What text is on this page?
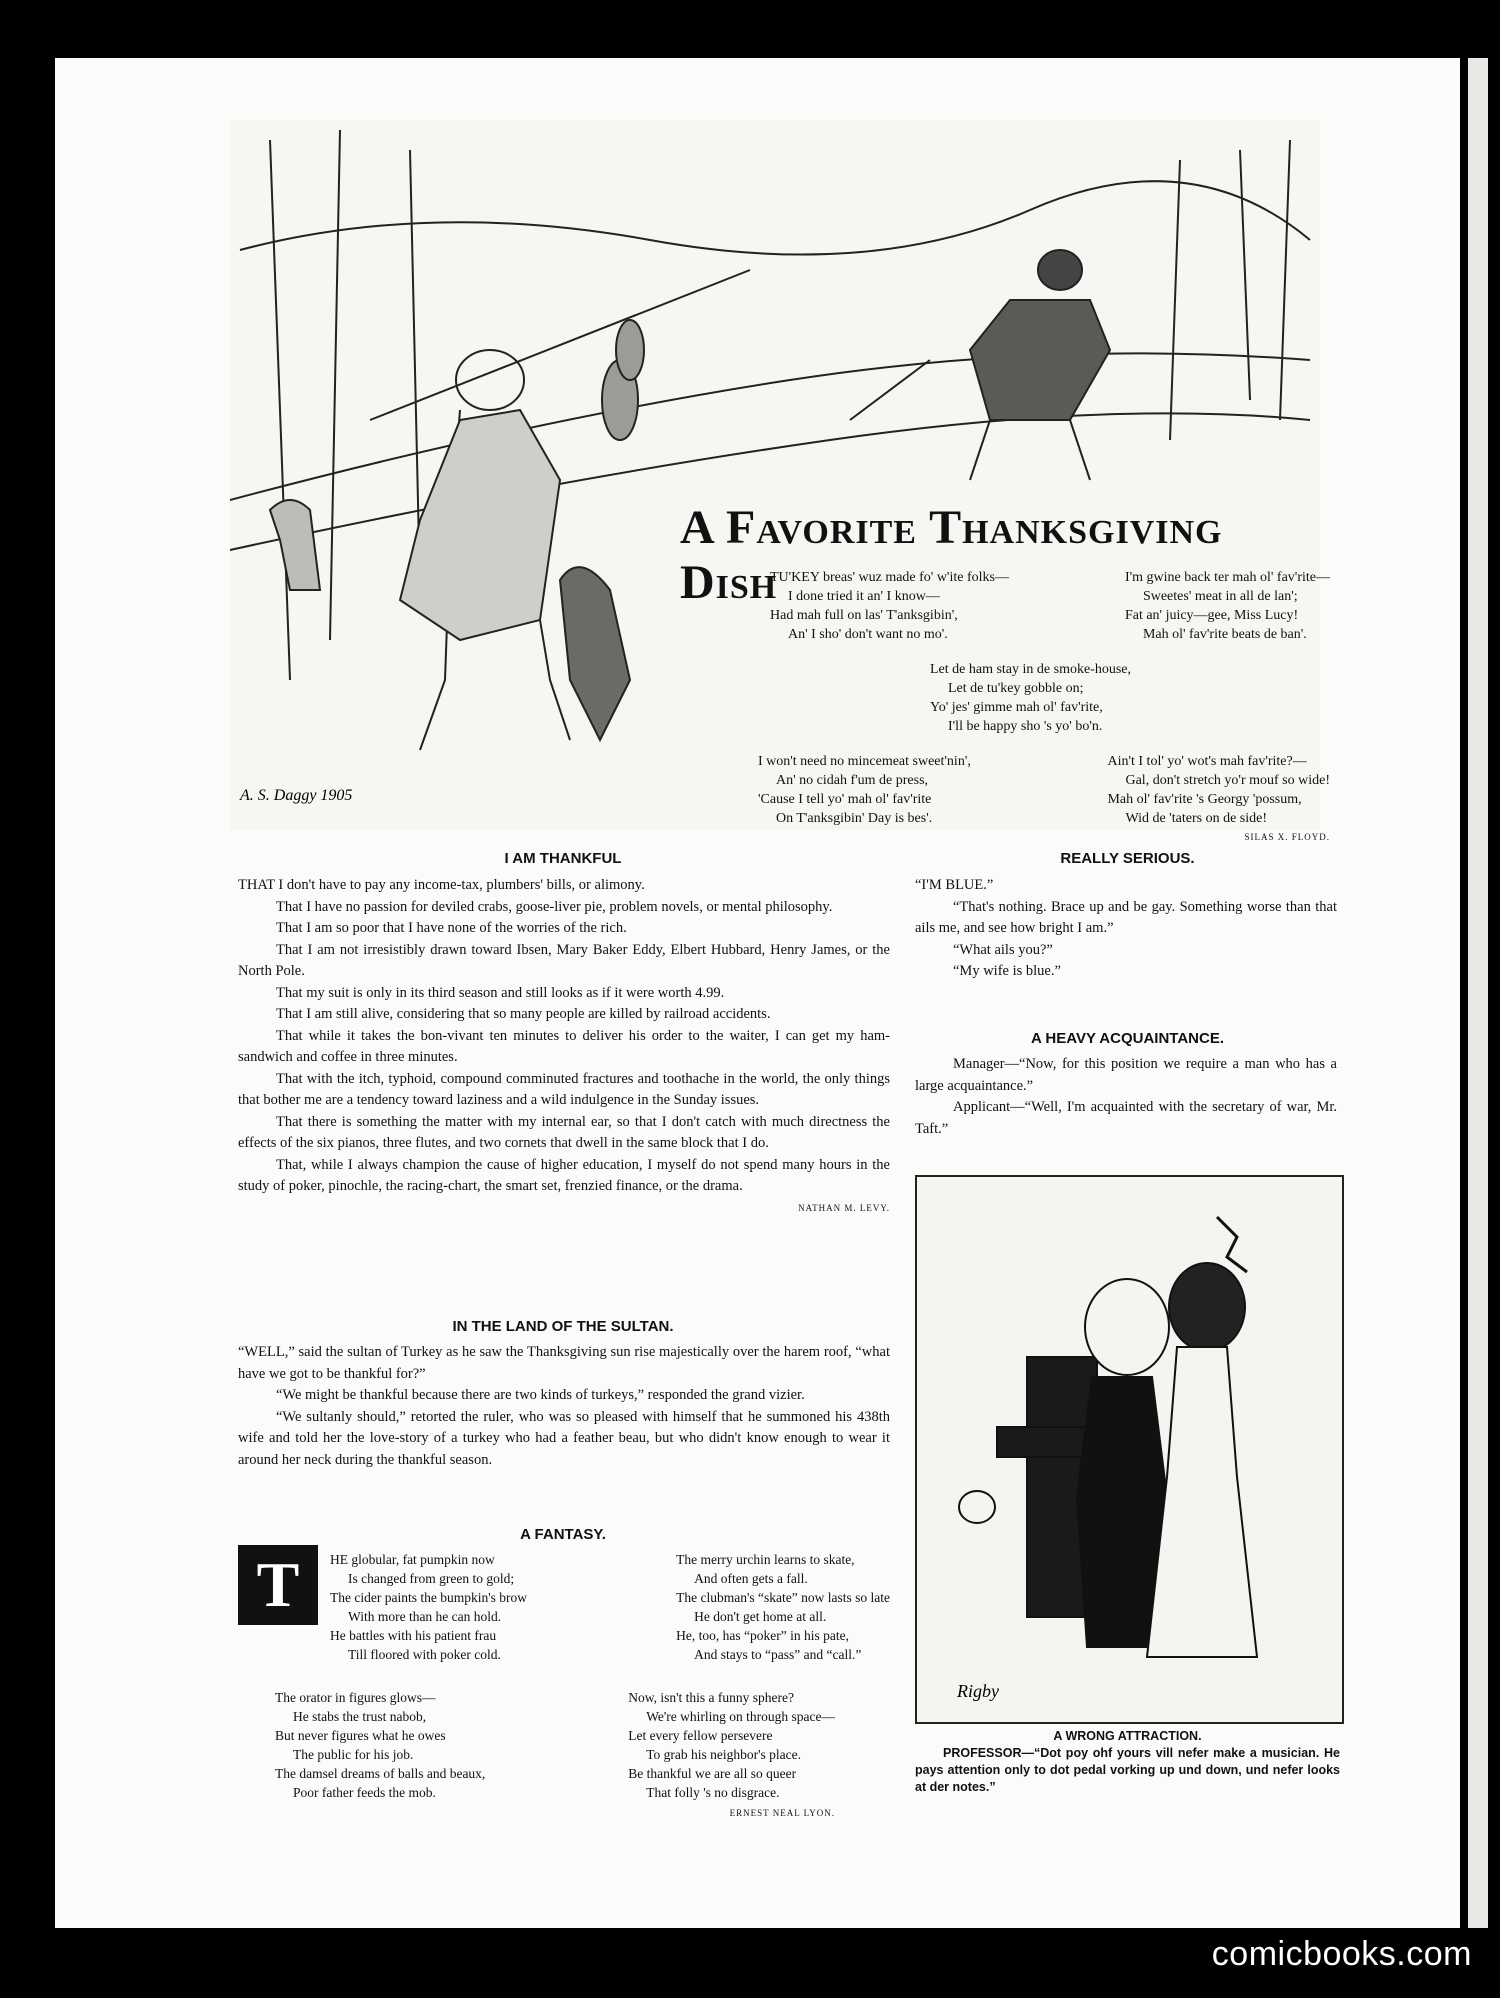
A. S. Daggy 1905
A Favorite Thanksgiving Dish

TU'KEY breas' wuz made fo' w'ite folks—

I done tried it an' I know—

Had mah full on las' T'anksgibin',

An' I sho' don't want no mo'.

I'm gwine back ter mah ol' fav'rite—

Sweetes' meat in all de lan';

Fat an' juicy—gee, Miss Lucy!

Mah ol' fav'rite beats de ban'.

Let de ham stay in de smoke-house,

Let de tu'key gobble on;

Yo' jes' gimme mah ol' fav'rite,

I'll be happy sho 's yo' bo'n.

I won't need no mincemeat sweet'nin',

An' no cidah f'um de press,

'Cause I tell yo' mah ol' fav'rite

On T'anksgibin' Day is bes'.

Ain't I tol' yo' wot's mah fav'rite?—

Gal, don't stretch yo'r mouf so wide!

Mah ol' fav'rite 's Georgy 'possum,

Wid de 'taters on de side!

SILAS X. FLOYD.
I AM THANKFUL

THAT I don't have to pay any income-tax, plumbers' bills, or alimony.

That I have no passion for deviled crabs, goose-liver pie, problem novels, or mental philosophy.

That I am so poor that I have none of the worries of the rich.

That I am not irresistibly drawn toward Ibsen, Mary Baker Eddy, Elbert Hubbard, Henry James, or the North Pole.

That my suit is only in its third season and still looks as if it were worth 4.99.

That I am still alive, considering that so many people are killed by railroad accidents.

That while it takes the bon-vivant ten minutes to deliver his order to the waiter, I can get my ham-sandwich and coffee in three minutes.

That with the itch, typhoid, compound comminuted fractures and toothache in the world, the only things that bother me are a tendency toward laziness and a wild indulgence in the Sunday issues.

That there is something the matter with my internal ear, so that I don't catch with much directness the effects of the six pianos, three flutes, and two cornets that dwell in the same block that I do.

That, while I always champion the cause of higher education, I myself do not spend many hours in the study of poker, pinochle, the racing-chart, the smart set, frenzied finance, or the drama.

NATHAN M. LEVY.
IN THE LAND OF THE SULTAN.

“WELL,” said the sultan of Turkey as he saw the Thanksgiving sun rise majestically over the harem roof, “what have we got to be thankful for?”

“We might be thankful because there are two kinds of turkeys,” responded the grand vizier.

“We sultanly should,” retorted the ruler, who was so pleased with himself that he summoned his 438th wife and told her the love-story of a turkey who had a feather beau, but who didn't know enough to wear it around her neck during the thankful season.

A FANTASY.
T	HE globular, fat pumpkin now

Is changed from green to gold;

The cider paints the bumpkin's brow

With more than he can hold.

He battles with his patient frau

Till floored with poker cold.

The merry urchin learns to skate,

And often gets a fall.

The clubman's “skate” now lasts so late

He don't get home at all.

He, too, has “poker” in his pate,

And stays to “pass” and “call.”

The orator in figures glows—

He stabs the trust nabob,

But never figures what he owes

The public for his job.

The damsel dreams of balls and beaux,

Poor father feeds the mob.

Now, isn't this a funny sphere?

We're whirling on through space—

Let every fellow persevere

To grab his neighbor's place.

Be thankful we are all so queer

That folly 's no disgrace.

ERNEST NEAL LYON.
REALLY SERIOUS.

“I'M BLUE.”

“That's nothing. Brace up and be gay. Something worse than that ails me, and see how bright I am.”

“What ails you?”

“My wife is blue.”

A HEAVY ACQUAINTANCE.

Manager—“Now, for this position we require a man who has a large acquaintance.”

Applicant—“Well, I'm acquainted with the secretary of war, Mr. Taft.”

Rigby
A WRONG ATTRACTION.
PROFESSOR—“Dot poy ohf yours vill nefer make a musician. He pays attention only to dot pedal vorking up und down, und nefer looks at der notes.”
comicbooks.com
